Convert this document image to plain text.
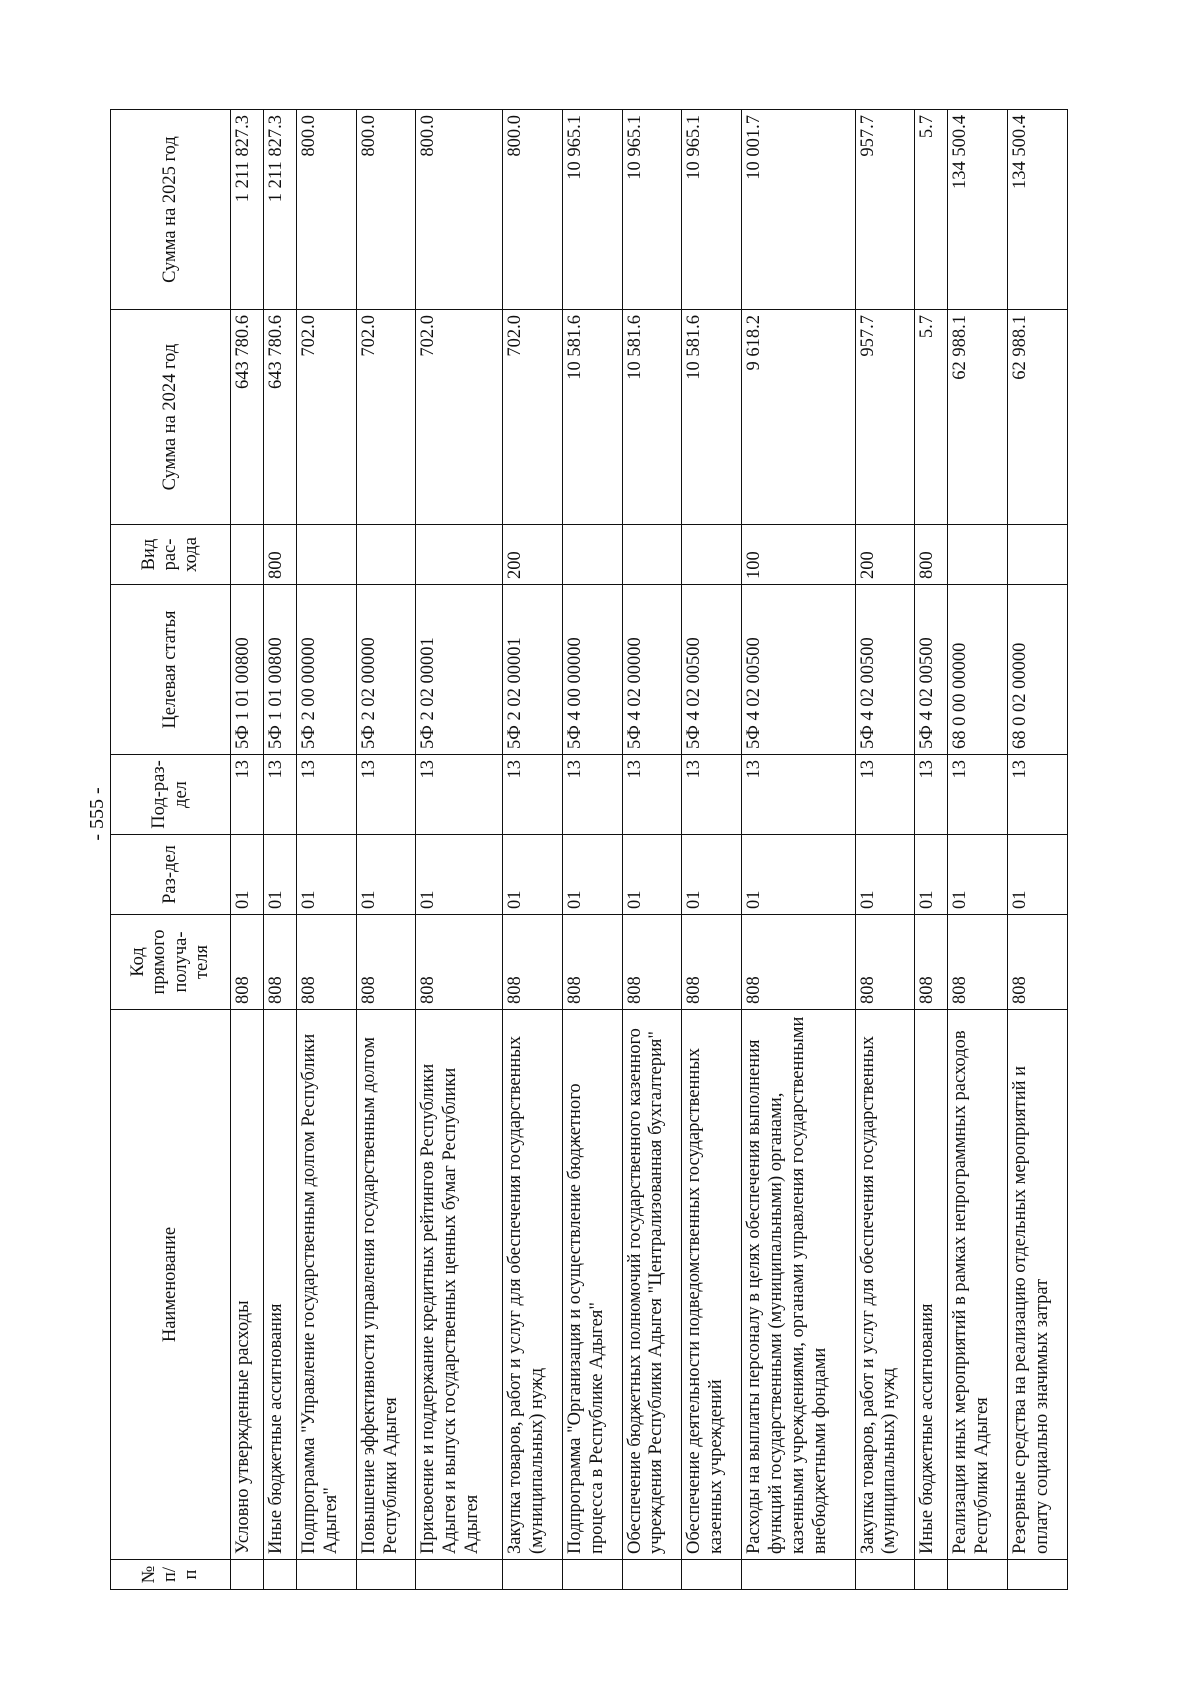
- 555 -
№ п/п	Наименование	Код прямого получа-теля	Раз-дел	Под-раз-дел	Целевая статья	Вид рас-хода	Сумма на 2024 год	Сумма на 2025 год
	Условно утвержденные расходы	808	01	13	5Ф 1 01 00800		643 780.6	1 211 827.3
	Иные бюджетные ассигнования	808	01	13	5Ф 1 01 00800	800	643 780.6	1 211 827.3
	Подпрограмма "Управление государственным долгом Республики Адыгея"	808	01	13	5Ф 2 00 00000		702.0	800.0
	Повышение эффективности управления государственным долгом Республики Адыгея	808	01	13	5Ф 2 02 00000		702.0	800.0
	Присвоение и поддержание кредитных рейтингов Республики Адыгея и выпуск государственных ценных бумаг Республики Адыгея	808	01	13	5Ф 2 02 00001		702.0	800.0
	Закупка товаров, работ и услуг для обеспечения государственных (муниципальных) нужд	808	01	13	5Ф 2 02 00001	200	702.0	800.0
	Подпрограмма "Организация и осуществление бюджетного процесса в Республике Адыгея"	808	01	13	5Ф 4 00 00000		10 581.6	10 965.1
	Обеспечение бюджетных полномочий государственного казенного учреждения Республики Адыгея "Централизованная бухгалтерия"	808	01	13	5Ф 4 02 00000		10 581.6	10 965.1
	Обеспечение деятельности подведомственных государственных казенных учреждений	808	01	13	5Ф 4 02 00500		10 581.6	10 965.1
	Расходы на выплаты персоналу в целях обеспечения выполнения функций государственными (муниципальными) органами, казенными учреждениями, органами управления государственными внебюджетными фондами	808	01	13	5Ф 4 02 00500	100	9 618.2	10 001.7
	Закупка товаров, работ и услуг для обеспечения государственных (муниципальных) нужд	808	01	13	5Ф 4 02 00500	200	957.7	957.7
	Иные бюджетные ассигнования	808	01	13	5Ф 4 02 00500	800	5.7	5.7
	Реализация иных мероприятий в рамках непрограммных расходов Республики Адыгея	808	01	13	68 0 00 00000		62 988.1	134 500.4
	Резервные средства на реализацию отдельных мероприятий и оплату социально значимых затрат	808	01	13	68 0 02 00000		62 988.1	134 500.4
